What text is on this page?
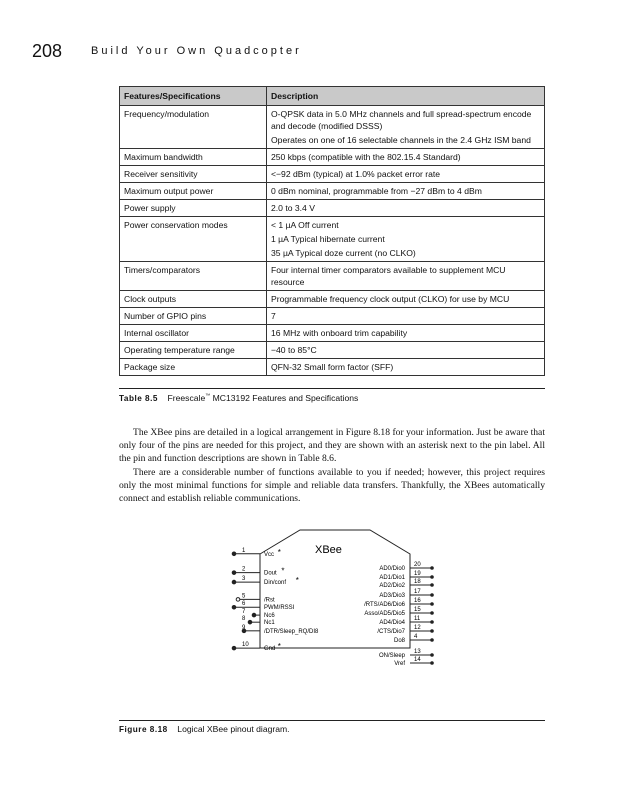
208	Build Your Own Quadcopter
Features/Specifications	Description
Frequency/modulation	O-QPSK data in 5.0 MHz channels and full spread-spectrum encode and decode (modified DSSS)

Operates on one of 16 selectable channels in the 2.4 GHz ISM band

Maximum bandwidth	250 kbps (compatible with the 802.15.4 Standard)

Receiver sensitivity	<−92 dBm (typical) at 1.0% packet error rate

Maximum output power	0 dBm nominal, programmable from −27 dBm to 4 dBm

Power supply	2.0 to 3.4 V

Power conservation modes	< 1 µA Off current

1 µA Typical hibernate current

35 µA Typical doze current (no CLKO)

Timers/comparators	Four internal timer comparators available to supplement MCU resource

Clock outputs	Programmable frequency clock output (CLKO) for use by MCU

Number of GPIO pins	7

Internal oscillator	16 MHz with onboard trim capability

Operating temperature range	−40 to 85°C

Package size	QFN-32 Small form factor (SFF)

Table 8.5 Freescale™ MC13192 Features and Specifications

The XBee pins are detailed in a logical arrangement in Figure 8.18 for your information. Just be aware that only four of the pins are needed for this project, and they are shown with an asterisk next to the pin label. All the pin and function descriptions are shown in Table 8.6.

There are a considerable number of functions available to you if needed; however, this project requires only the most minimal functions for simple and reliable data transfers. Thankfully, the XBees automatically connect and establish reliable communications.

XBee
1
Vcc *
2
Dout *
3
Din/conf *
5
/Rst
6
PWM/RSSI
7
Nc6
8
Nc1
9
/DTR/Sleep_RQ/DI8
10
Gnd *
20
AD0/Dio0
19
AD1/Dio1
18
AD2/Dio2
17
AD3/Dio3
16
/RTS/AD6/Dio6
15
Asso/AD5/Dio5
11
AD4/Dio4
12
/CTS/Dio7
4
Do8
13
ON/Sleep
14
Vref
Figure 8.18 Logical XBee pinout diagram.
